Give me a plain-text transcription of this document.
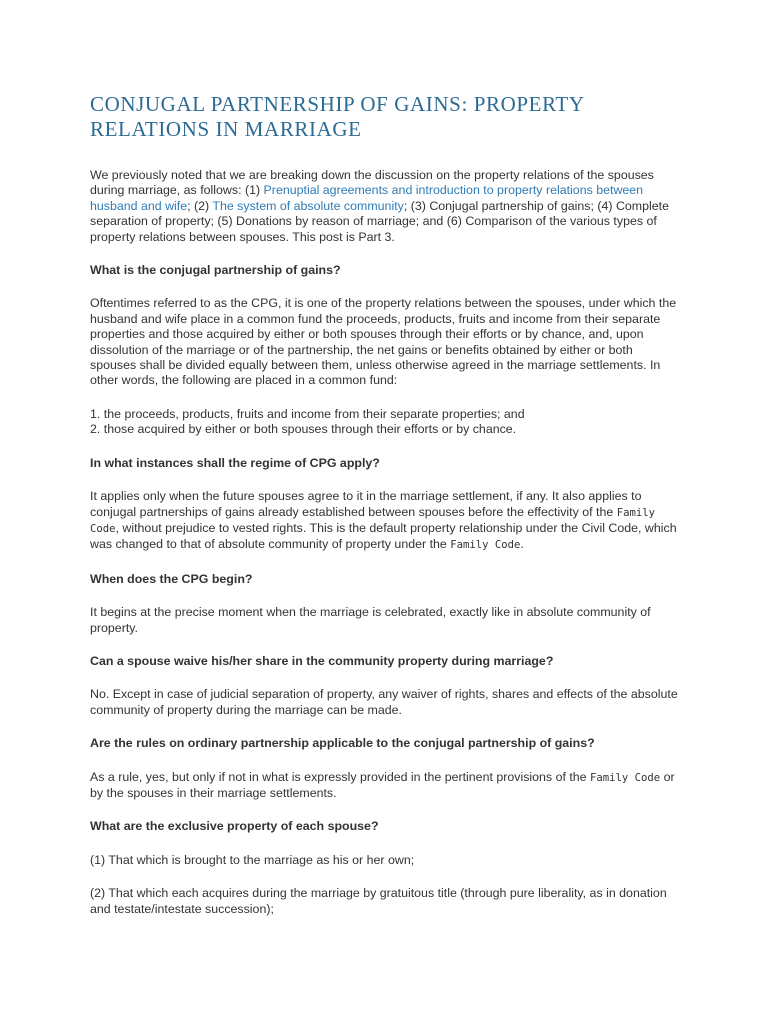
CONJUGAL PARTNERSHIP OF GAINS: PROPERTY RELATIONS IN MARRIAGE

We previously noted that we are breaking down the discussion on the property relations of the spouses during marriage, as follows: (1) Prenuptial agreements and introduction to property relations between husband and wife; (2) The system of absolute community; (3) Conjugal partnership of gains; (4) Complete separation of property; (5) Donations by reason of marriage; and (6) Comparison of the various types of property relations between spouses. This post is Part 3.

What is the conjugal partnership of gains?

Oftentimes referred to as the CPG, it is one of the property relations between the spouses, under which the husband and wife place in a common fund the proceeds, products, fruits and income from their separate properties and those acquired by either or both spouses through their efforts or by chance, and, upon dissolution of the marriage or of the partnership, the net gains or benefits obtained by either or both spouses shall be divided equally between them, unless otherwise agreed in the marriage settlements. In other words, the following are placed in a common fund:

1. the proceeds, products, fruits and income from their separate properties; and
2. those acquired by either or both spouses through their efforts or by chance.

In what instances shall the regime of CPG apply?

It applies only when the future spouses agree to it in the marriage settlement, if any. It also applies to conjugal partnerships of gains already established between spouses before the effectivity of the Family Code, without prejudice to vested rights. This is the default property relationship under the Civil Code, which was changed to that of absolute community of property under the Family Code.

When does the CPG begin?

It begins at the precise moment when the marriage is celebrated, exactly like in absolute community of property.

Can a spouse waive his/her share in the community property during marriage?

No. Except in case of judicial separation of property, any waiver of rights, shares and effects of the absolute community of property during the marriage can be made.

Are the rules on ordinary partnership applicable to the conjugal partnership of gains?

As a rule, yes, but only if not in what is expressly provided in the pertinent provisions of the Family Code or by the spouses in their marriage settlements.

What are the exclusive property of each spouse?

(1) That which is brought to the marriage as his or her own;

(2) That which each acquires during the marriage by gratuitous title (through pure liberality, as in donation and testate/intestate succession);
